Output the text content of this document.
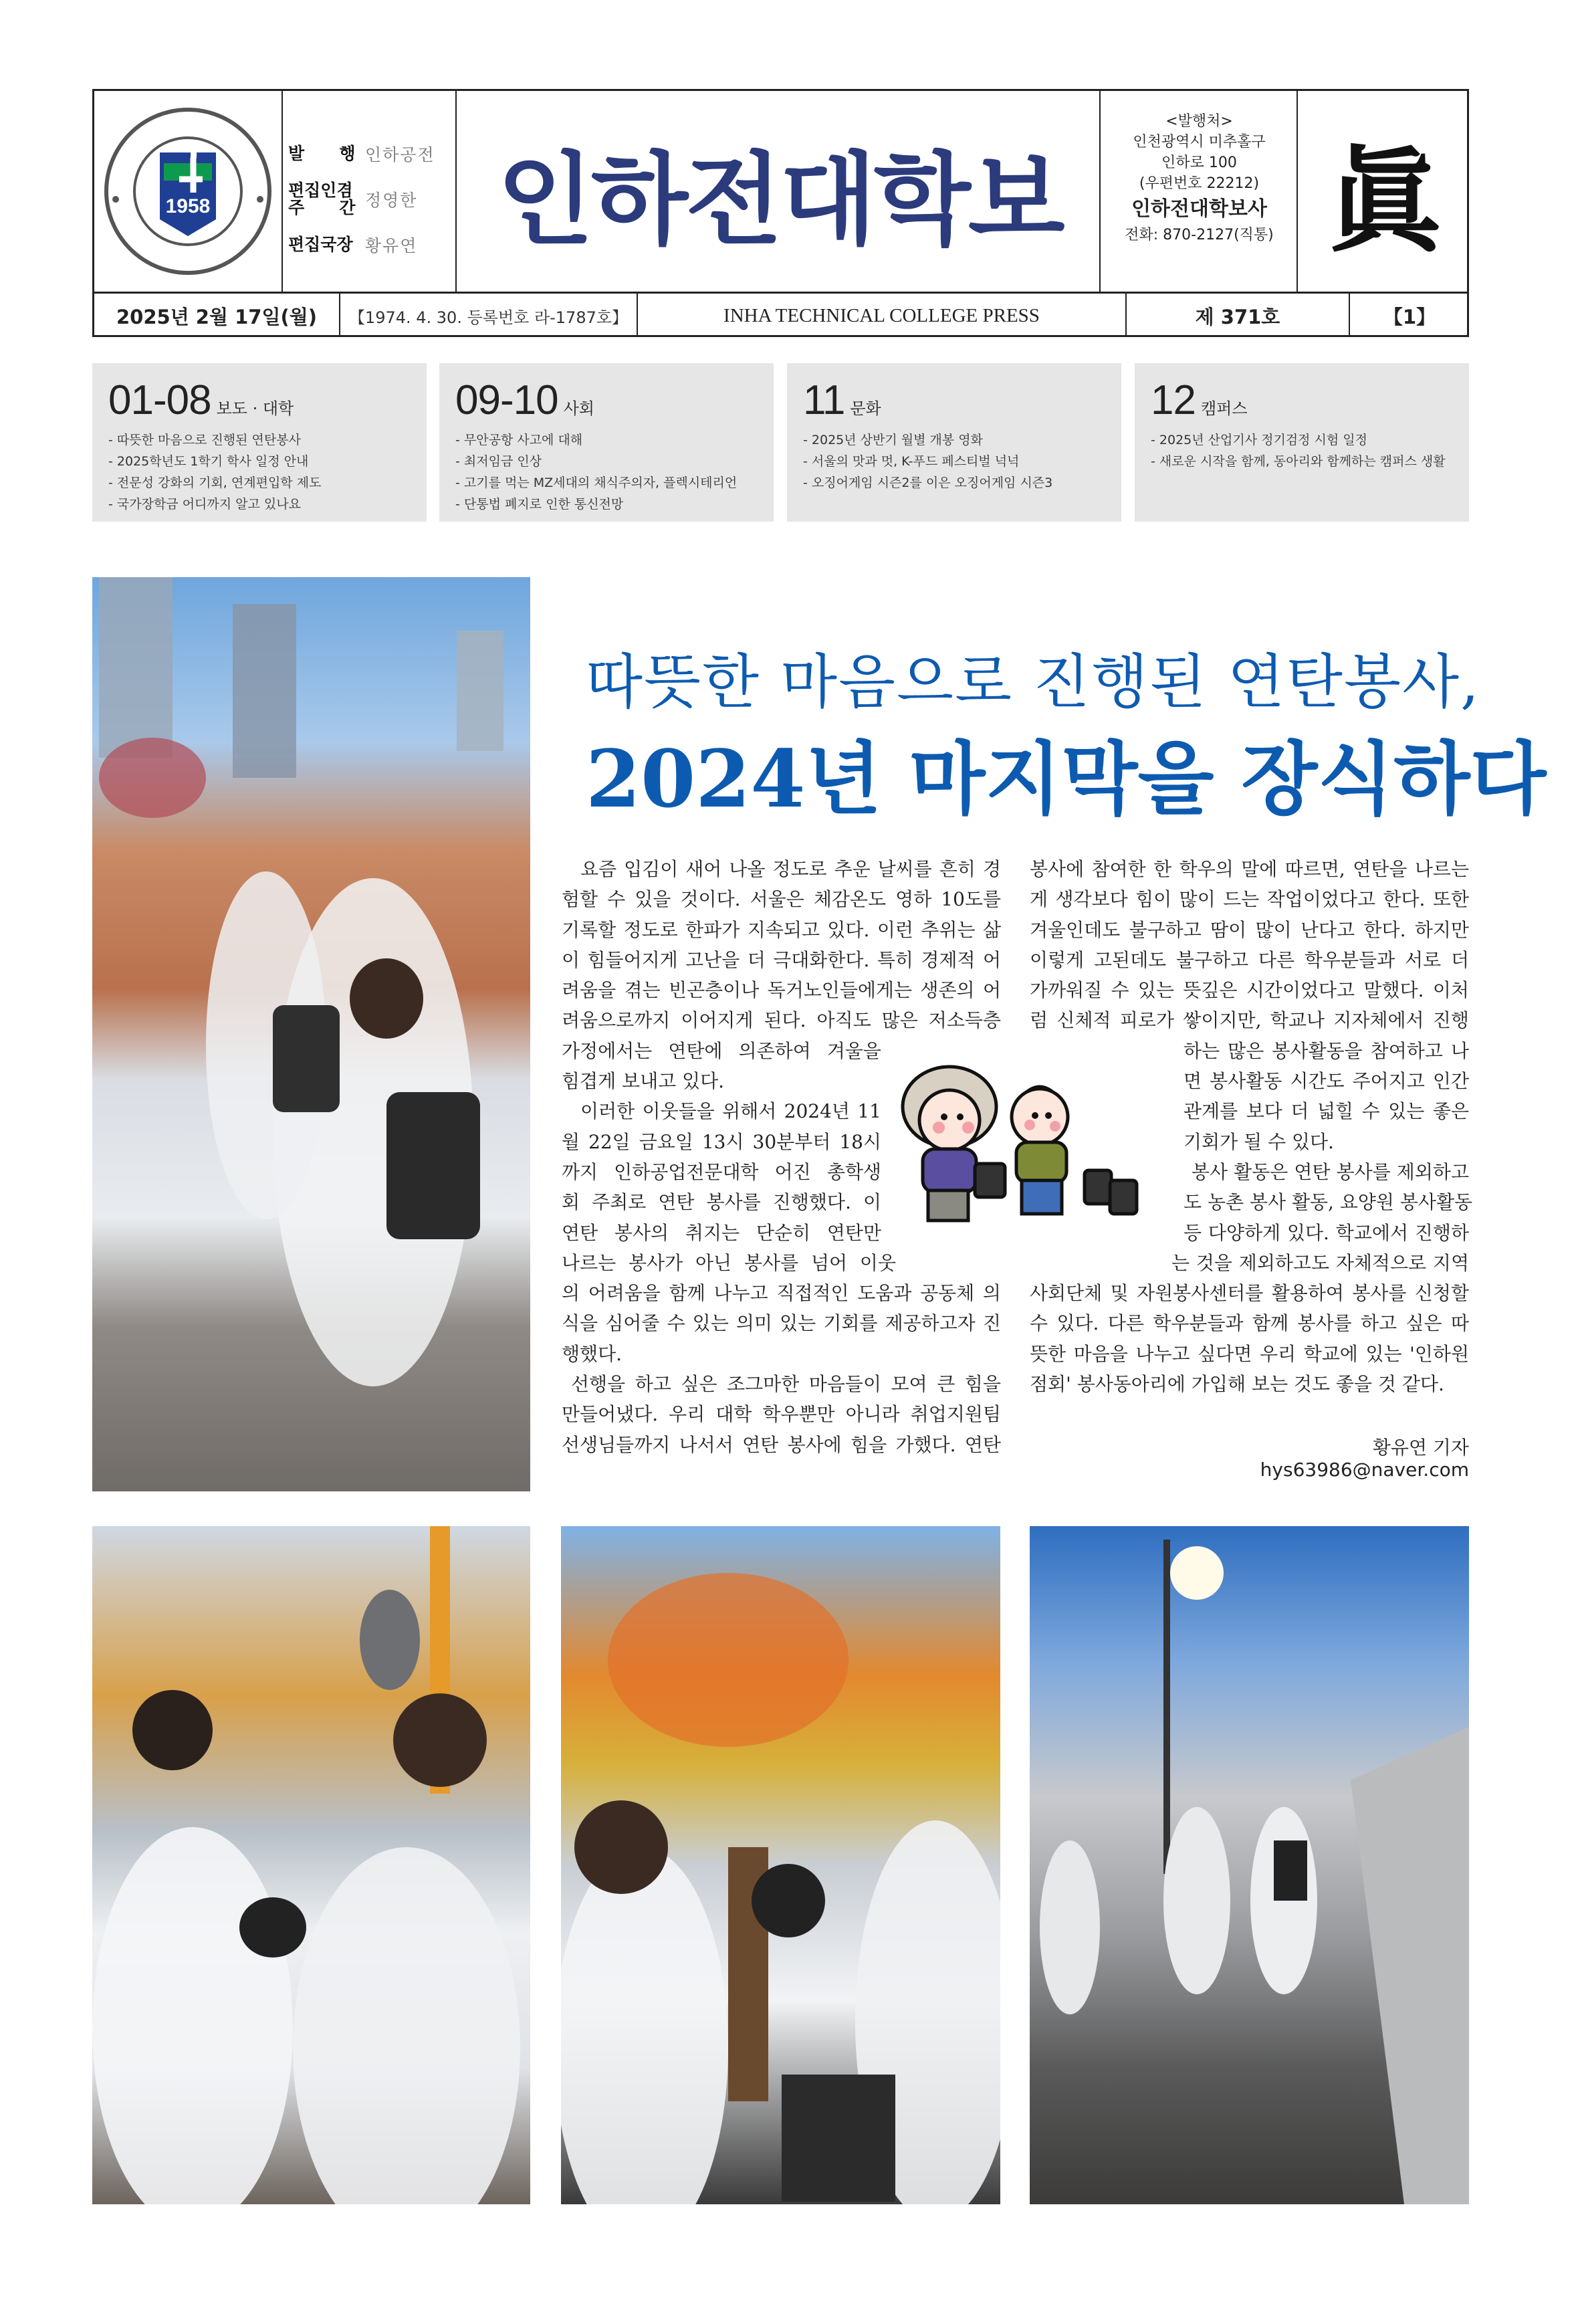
1958
발      행 인하공전
편집인겸
주      간 정영한
편집국장 황유연 인하전대학보
<발행처>
인천광역시 미추홀구
인하로 100
(우편번호 22212)
인하전대학보사
전화: 870-2127(직통) 眞
2025년 2월 17일(월)	【1974. 4. 30. 등록번호 라-1787호】	INHA TECHNICAL COLLEGE PRESS	제 371호	【1】
01-08 보도 · 대학
- 따뜻한 마음으로 진행된 연탄봉사
- 2025학년도 1학기 학사 일정 안내
- 전문성 강화의 기회, 연계편입학 제도
- 국가장학금 어디까지 알고 있나요
09-10 사회
- 무안공항 사고에 대해
- 최저임금 인상
- 고기를 먹는 MZ세대의 채식주의자, 플렉시테리언
- 단통법 폐지로 인한 통신전망
11 문화
- 2025년 상반기 월별 개봉 영화
- 서울의 맛과 멋, K-푸드 페스티벌 넉넉
- 오징어게임 시즌2를 이은 오징어게임 시즌3
12 캠퍼스
- 2025년 산업기사 정기검정 시험 일정
- 새로운 시작을 함께, 동아리와 함께하는 캠퍼스 생활
따뜻한 마음으로 진행된 연탄봉사,
2024년 마지막을 장식하다
요즘 입김이 새어 나올 정도로 추운 날씨를 흔히 경
험할 수 있을 것이다. 서울은 체감온도 영하 10도를
기록할 정도로 한파가 지속되고 있다. 이런 추위는 삶
이 힘들어지게 고난을 더 극대화한다. 특히 경제적 어
려움을 겪는 빈곤층이나 독거노인들에게는 생존의 어
려움으로까지 이어지게 된다. 아직도 많은 저소득층
가정에서는 연탄에 의존하여 겨울을
힘겹게 보내고 있다.
이러한 이웃들을 위해서 2024년 11
월 22일 금요일 13시 30분부터 18시
까지 인하공업전문대학 어진 총학생
회 주최로 연탄 봉사를 진행했다. 이
연탄 봉사의 취지는 단순히 연탄만
나르는 봉사가 아닌 봉사를 넘어 이웃
의 어려움을 함께 나누고 직접적인 도움과 공동체 의
식을 심어줄 수 있는 의미 있는 기회를 제공하고자 진
행했다.
선행을 하고 싶은 조그마한 마음들이 모여 큰 힘을
만들어냈다. 우리 대학 학우뿐만 아니라 취업지원팀
선생님들까지 나서서 연탄 봉사에 힘을 가했다. 연탄
봉사에 참여한 한 학우의 말에 따르면, 연탄을 나르는
게 생각보다 힘이 많이 드는 작업이었다고 한다. 또한
겨울인데도 불구하고 땀이 많이 난다고 한다. 하지만
이렇게 고된데도 불구하고 다른 학우분들과 서로 더
가까워질 수 있는 뜻깊은 시간이었다고 말했다. 이처
럼 신체적 피로가 쌓이지만, 학교나 지자체에서 진행
하는 많은 봉사활동을 참여하고 나
면 봉사활동 시간도 주어지고 인간
관계를 보다 더 넓힐 수 있는 좋은
기회가 될 수 있다.
봉사 활동은 연탄 봉사를 제외하고
도 농촌 봉사 활동, 요양원 봉사활동
등 다양하게 있다. 학교에서 진행하
는 것을 제외하고도 자체적으로 지역
사회단체 및 자원봉사센터를 활용하여 봉사를 신청할
수 있다. 다른 학우분들과 함께 봉사를 하고 싶은 따
뜻한 마음을 나누고 싶다면 우리 학교에 있는 '인하원
점회' 봉사동아리에 가입해 보는 것도 좋을 것 같다.
황유연 기자
hys63986@naver.com
